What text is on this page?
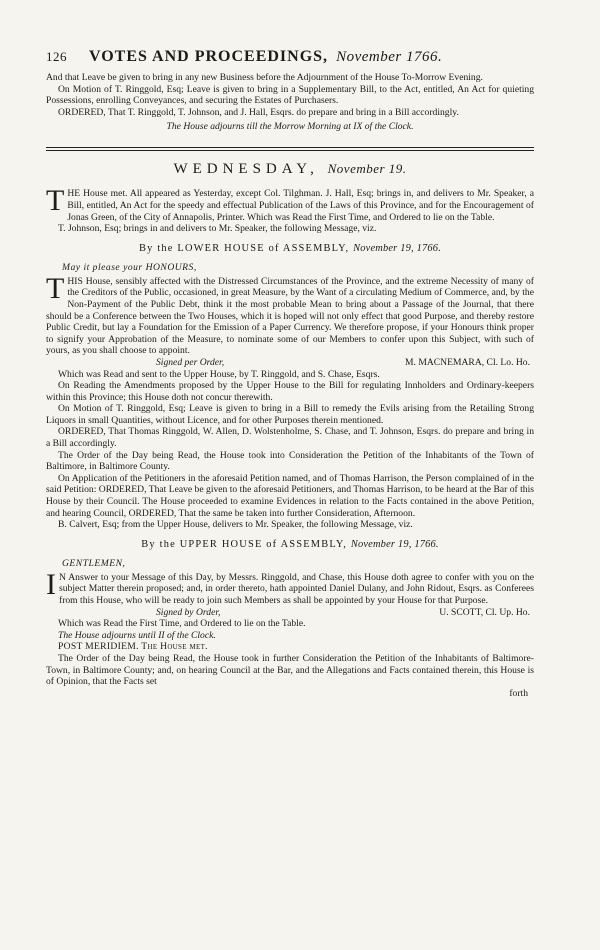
126 VOTES AND PROCEEDINGS, November 1766.

And that Leave be given to bring in any new Business before the Adjournment of the House To-Morrow Evening.

On Motion of T. Ringgold, Esq; Leave is given to bring in a Supplementary Bill, to the Act, entitled, An Act for quieting Possessions, enrolling Conveyances, and securing the Estates of Purchasers.

ORDERED, That T. Ringgold, T. Johnson, and J. Hall, Esqrs. do prepare and bring in a Bill accordingly.

The House adjourns till the Morrow Morning at IX of the Clock.

WEDNESDAY, November 19.
T HE House met. All appeared as Yesterday, except Col. Tilghman. J. Hall, Esq; brings in, and delivers to Mr. Speaker, a Bill, entitled, An Act for the speedy and effectual Publication of the Laws of this Province, and for the Encouragement of Jonas Green, of the City of Annapolis, Printer. Which was Read the First Time, and Ordered to lie on the Table.

T. Johnson, Esq; brings in and delivers to Mr. Speaker, the following Message, viz.

By the LOWER HOUSE of ASSEMBLY, November 19, 1766.
May it please your HONOURS,
T HIS House, sensibly affected with the Distressed Circumstances of the Province, and the extreme Necessity of many of the Creditors of the Public, occasioned, in great Measure, by the Want of a circulating Medium of Commerce, and, by the Non-Payment of the Public Debt, think it the most probable Mean to bring about a Passage of the Journal, that there should be a Conference between the Two Houses, which it is hoped will not only effect that good Purpose, and thereby restore Public Credit, but lay a Foundation for the Emission of a Paper Currency. We therefore propose, if your Honours think proper to signify your Approbation of the Measure, to nominate some of our Members to confer upon this Subject, with such of yours, as you shall choose to appoint.

Signed per Order,	M. MACNEMARA, Cl. Lo. Ho.

Which was Read and sent to the Upper House, by T. Ringgold, and S. Chase, Esqrs.

On Reading the Amendments proposed by the Upper House to the Bill for regulating Innholders and Ordinary-keepers within this Province; this House doth not concur therewith.

On Motion of T. Ringgold, Esq; Leave is given to bring in a Bill to remedy the Evils arising from the Retailing Strong Liquors in small Quantities, without Licence, and for other Purposes therein mentioned.

ORDERED, That Thomas Ringgold, W. Allen, D. Wolstenholme, S. Chase, and T. Johnson, Esqrs. do prepare and bring in a Bill accordingly.

The Order of the Day being Read, the House took into Consideration the Petition of the Inhabitants of the Town of Baltimore, in Baltimore County.

On Application of the Petitioners in the aforesaid Petition named, and of Thomas Harrison, the Person complained of in the said Petition: ORDERED, That Leave be given to the aforesaid Petitioners, and Thomas Harrison, to be heard at the Bar of this House by their Council. The House proceeded to examine Evidences in relation to the Facts contained in the above Petition, and hearing Council, ORDERED, That the same be taken into further Consideration, Afternoon.

B. Calvert, Esq; from the Upper House, delivers to Mr. Speaker, the following Message, viz.

By the UPPER HOUSE of ASSEMBLY, November 19, 1766.
GENTLEMEN,
I N Answer to your Message of this Day, by Messrs. Ringgold, and Chase, this House doth agree to confer with you on the subject Matter therein proposed; and, in order thereto, hath appointed Daniel Dulany, and John Ridout, Esqrs. as Conferees from this House, who will be ready to join such Members as shall be appointed by your House for that Purpose.

Signed by Order,	U. SCOTT, Cl. Up. Ho.

Which was Read the First Time, and Ordered to lie on the Table.

The House adjourns until II of the Clock.

POST MERIDIEM. The House met.

The Order of the Day being Read, the House took in further Consideration the Petition of the Inhabitants of Baltimore-Town, in Baltimore County; and, on hearing Council at the Bar, and the Allegations and Facts contained therein, this House is of Opinion, that the Facts set

forth
